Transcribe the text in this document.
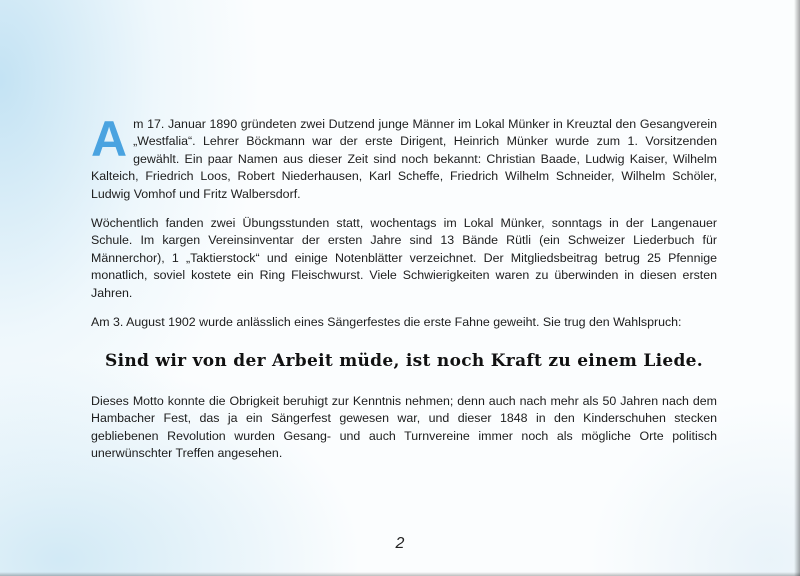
Am 17. Januar 1890 gründeten zwei Dutzend junge Männer im Lokal Münker in Kreuztal den Gesangverein „Westfalia“. Lehrer Böckmann war der erste Dirigent, Heinrich Münker wurde zum 1. Vorsitzenden gewählt. Ein paar Namen aus dieser Zeit sind noch bekannt: Christian Baade, Ludwig Kaiser, Wilhelm Kalteich, Friedrich Loos, Robert Niederhausen, Karl Scheffe, Friedrich Wilhelm Schneider, Wilhelm Schöler, Ludwig Vomhof und Fritz Walbersdorf.

Wöchentlich fanden zwei Übungsstunden statt, wochentags im Lokal Münker, sonntags in der Langenauer Schule. Im kargen Vereinsinventar der ersten Jahre sind 13 Bände Rütli (ein Schweizer Liederbuch für Männerchor), 1 „Taktierstock“ und einige Notenblätter verzeichnet. Der Mitgliedsbeitrag betrug 25 Pfennige monatlich, soviel kostete ein Ring Fleischwurst. Viele Schwierigkeiten waren zu überwinden in diesen ersten Jahren.

Am 3. August 1902 wurde anlässlich eines Sängerfestes die erste Fahne geweiht. Sie trug den Wahlspruch:

Sind wir von der Arbeit müde, ist noch Kraft zu einem Liede.

Dieses Motto konnte die Obrigkeit beruhigt zur Kenntnis nehmen; denn auch nach mehr als 50 Jahren nach dem Hambacher Fest, das ja ein Sängerfest gewesen war, und dieser 1848 in den Kinderschuhen stecken gebliebenen Revolution wurden Gesang- und auch Turnvereine immer noch als mögliche Orte politisch unerwünschter Treffen angesehen.

2
